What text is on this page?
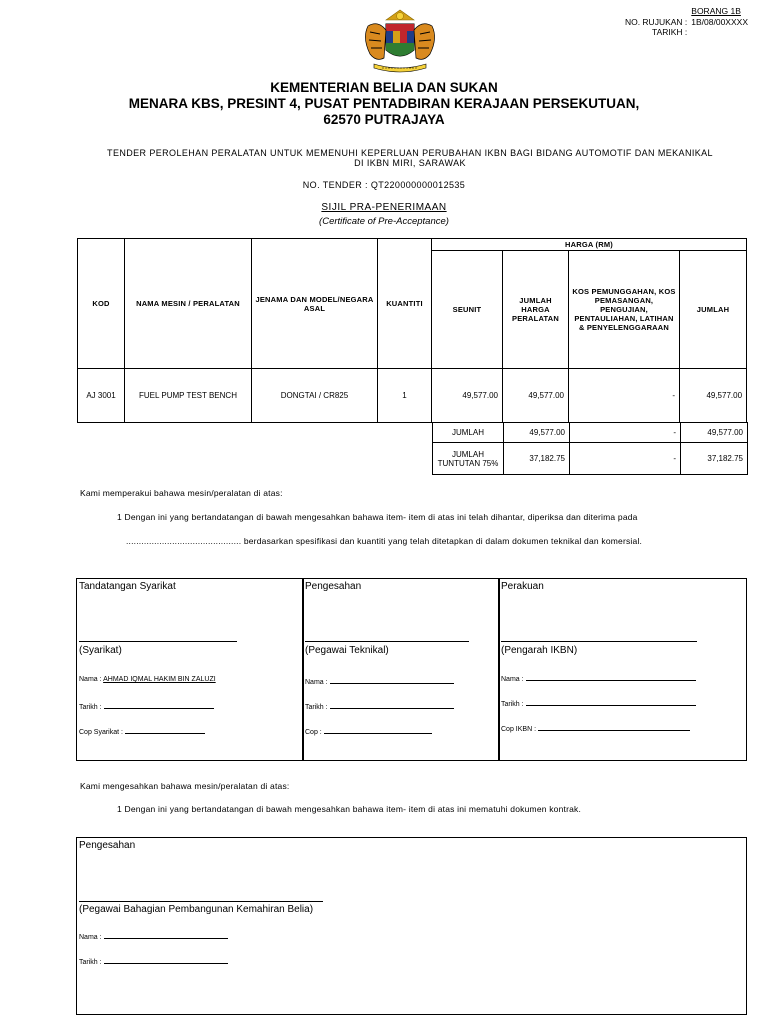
BORANG 1B
NO. RUJUKAN : 1B/08/00XXXX
TARIKH :
KEMENTERIAN BELIA DAN SUKAN
MENARA KBS, PRESINT 4, PUSAT PENTADBIRAN KERAJAAN PERSEKUTUAN,
62570 PUTRAJAYA
TENDER PEROLEHAN PERALATAN UNTUK MEMENUHI KEPERLUAN PERUBAHAN IKBN BAGI BIDANG AUTOMOTIF DAN MEKANIKAL
DI IKBN MIRI, SARAWAK
NO. TENDER : QT220000000012535
SIJIL PRA-PENERIMAAN
(Certificate of Pre-Acceptance)
KOD	NAMA MESIN / PERALATAN	JENAMA DAN MODEL/NEGARA ASAL	KUANTITI	HARGA (RM)			
				SEUNIT	JUMLAH HARGA PERALATAN	KOS PEMUNGGAHAN, KOS PEMASANGAN, PENGUJIAN, PENTAULIAHAN, LATIHAN & PENYELENGGARAAN	JUMLAH
AJ 3001	FUEL PUMP TEST BENCH	DONGTAI / CR825	1	49,577.00	49,577.00	-	49,577.00
JUMLAH	49,577.00	-	49,577.00
JUMLAH TUNTUTAN 75%	37,182.75	-	37,182.75
Kami memperakui bahawa mesin/peralatan di atas:
1 Dengan ini yang bertandatangan di bawah mengesahkan bahawa item- item di atas ini telah dihantar, diperiksa dan diterima pada
............................................. berdasarkan spesifikasi dan kuantiti yang telah ditetapkan di dalam dokumen teknikal dan komersial.
Tandatangan Syarikat
(Syarikat)
Nama : AHMAD IQMAL HAKIM BIN ZALUZI
Tarikh :
Cop Syarikat :
Pengesahan
(Pegawai Teknikal)
Nama :
Tarikh :
Cop :
Perakuan
(Pengarah IKBN)
Nama :
Tarikh :
Cop IKBN :
Kami mengesahkan bahawa mesin/peralatan di atas:
1 Dengan ini yang bertandatangan di bawah mengesahkan bahawa item- item di atas ini mematuhi dokumen kontrak.
Pengesahan
(Pegawai Bahagian Pembangunan Kemahiran Belia)
Nama :
Tarikh :
